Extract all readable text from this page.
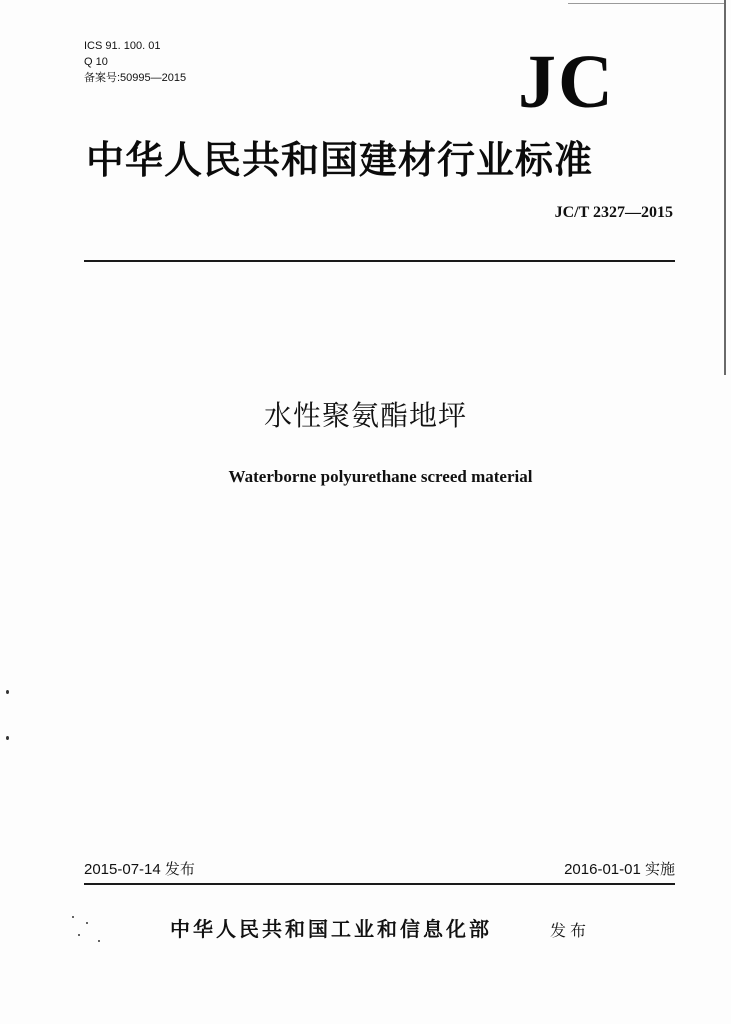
ICS 91. 100. 01
Q 10
备案号:50995—2015	JC
中华人民共和国建材行业标准
JC/T 2327—2015
水性聚氨酯地坪
Waterborne polyurethane screed material
2015-07-14 发布	2016-01-01 实施
中华人民共和国工业和信息化部	发布
